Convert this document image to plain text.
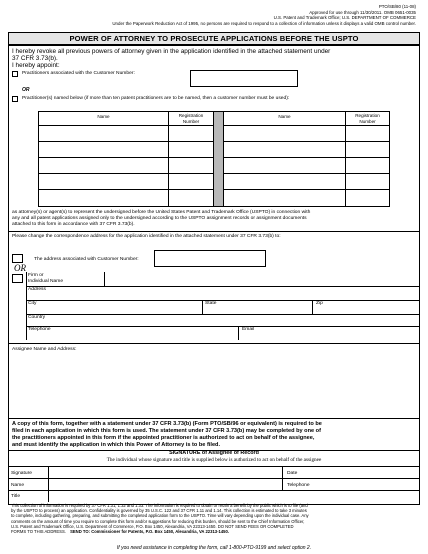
PTO/SB/80 (11-08)
Approved for use through 11/30/2011. OMB 0651-0035
U.S. Patent and Trademark Office; U.S. DEPARTMENT OF COMMERCE
Under the Paperwork Reduction Act of 1995, no persons are required to respond to a collection of information unless it displays a valid OMB control number.
POWER OF ATTORNEY TO PROSECUTE APPLICATIONS BEFORE THE USPTO
I hereby revoke all previous powers of attorney given in the application identified in the attached statement under
37 CFR 3.73(b).
I hereby appoint:
Practitioners associated with the Customer Number:
OR
Practitioner(s) named below (if more than ten patent practitioners are to be named, then a customer number must be used):
Name	Registration
Number
Name	Registration
Number
as attorney(s) or agent(s) to represent the undersigned before the United States Patent and Trademark Office (USPTO) in connection with
any and all patent applications assigned only to the undersigned according to the USPTO assignment records or assignment documents
attached to this form in accordance with 37 CFR 3.73(b).
Please change the correspondence address for the application identified in the attached statement under 37 CFR 3.73(b) to:
The address associated with Customer Number:
OR
Firm or
Individual Name
Address
City	State	Zip
Country
Telephone	Email
Assignee Name and Address:
A copy of this form, together with a statement under 37 CFR 3.73(b) (Form PTO/SB/96 or equivalent) is required to be
filed in each application in which this form is used. The statement under 37 CFR 3.73(b) may be completed by one of
the practitioners appointed in this form if the appointed practitioner is authorized to act on behalf of the assignee,
and must identify the application in which this Power of Attorney is to be filed.
SIGNATURE of Assignee of Record
The individual whose signature and title is supplied below is authorized to act on behalf of the assignee
Signature	Date
Name	Telephone
Title
This collection of information is required by 37 CFR 1.31, 1.32 and 1.33. The information is required to obtain or retain a benefit by the public which is to file (and
by the USPTO to process) an application. Confidentiality is governed by 35 U.S.C. 122 and 37 CFR 1.11 and 1.14. This collection is estimated to take 3 minutes
to complete, including gathering, preparing, and submitting the completed application form to the USPTO. Time will vary depending upon the individual case. Any
comments on the amount of time you require to complete this form and/or suggestions for reducing this burden, should be sent to the Chief Information Officer,
U.S. Patent and Trademark Office, U.S. Department of Commerce, P.O. Box 1450, Alexandria, VA 22313-1450. DO NOT SEND FEES OR COMPLETED
FORMS TO THIS ADDRESS. SEND TO: Commissioner for Patents, P.O. Box 1450, Alexandria, VA 22313-1450.
If you need assistance in completing the form, call 1-800-PTO-9199 and select option 2.
